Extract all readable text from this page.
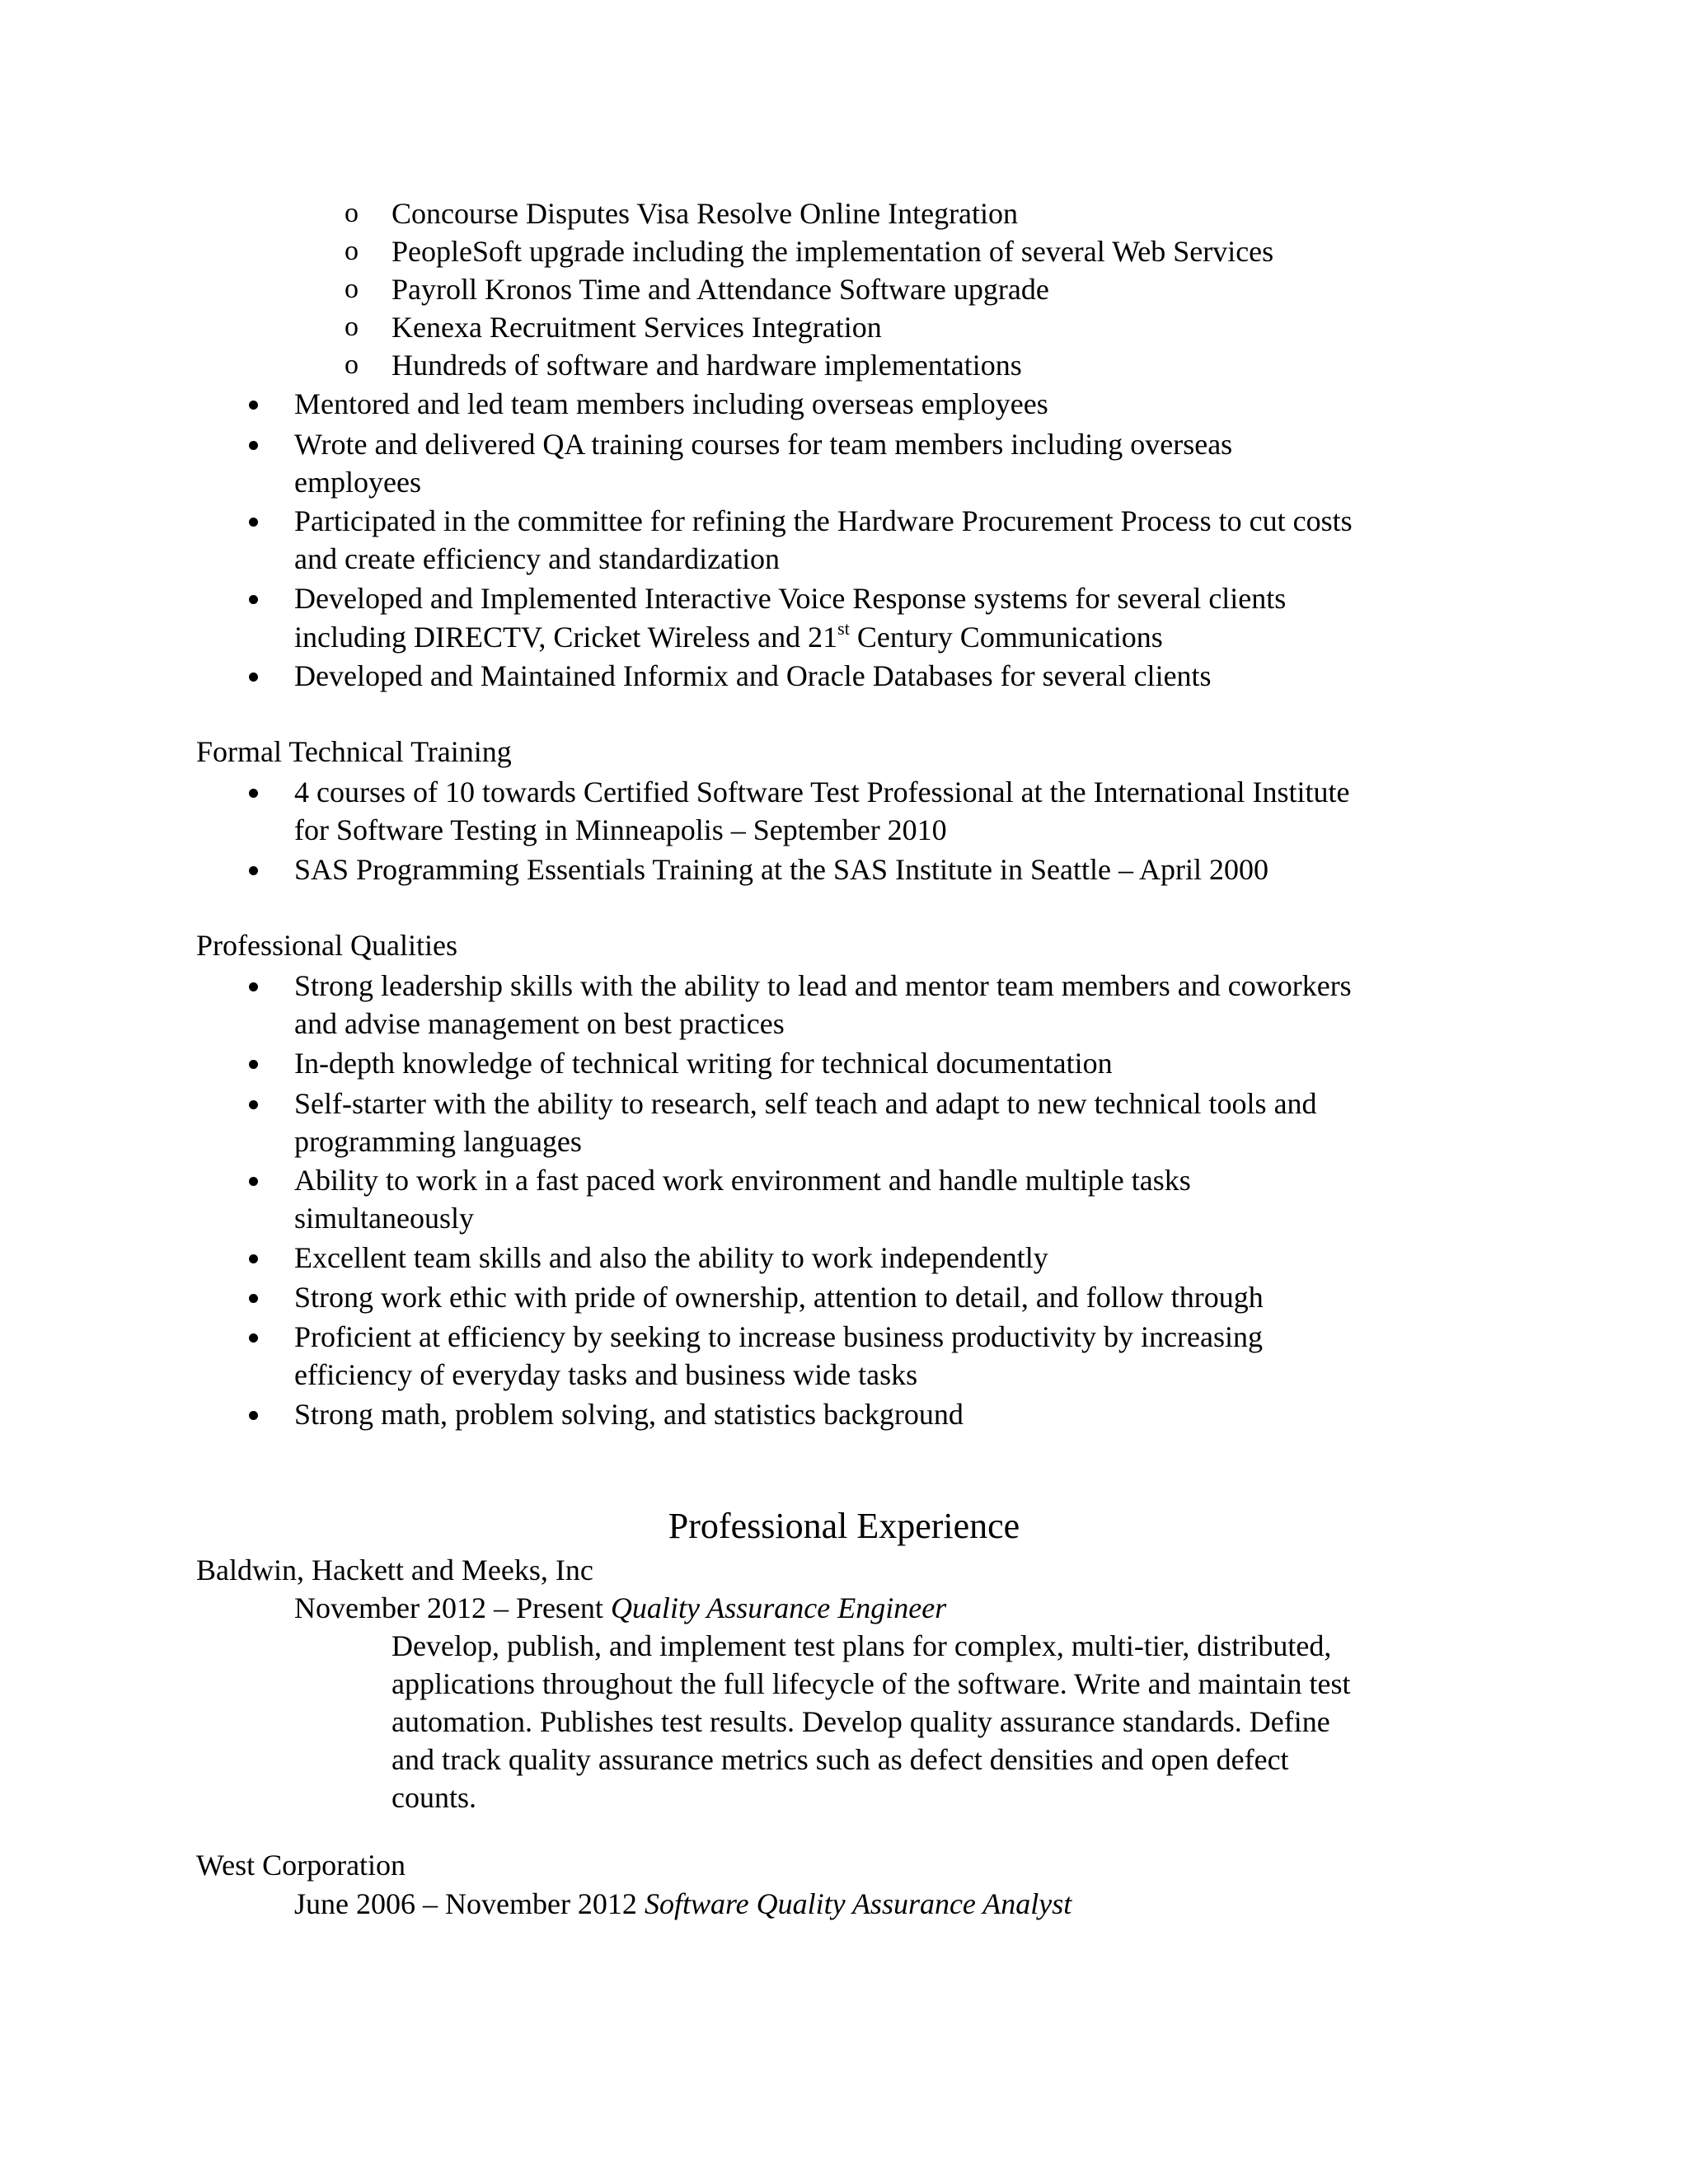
o Concourse Disputes Visa Resolve Online Integration
o PeopleSoft upgrade including the implementation of several Web Services
o Payroll Kronos Time and Attendance Software upgrade
o Kenexa Recruitment Services Integration
o Hundreds of software and hardware implementations
Mentored and led team members including overseas employees
Wrote and delivered QA training courses for team members including overseas
employees
Participated in the committee for refining the Hardware Procurement Process to cut costs
and create efficiency and standardization
Developed and Implemented Interactive Voice Response systems for several clients
including DIRECTV, Cricket Wireless and 21st Century Communications
Developed and Maintained Informix and Oracle Databases for several clients
Formal Technical Training
4 courses of 10 towards Certified Software Test Professional at the International Institute
for Software Testing in Minneapolis – September 2010
SAS Programming Essentials Training at the SAS Institute in Seattle – April 2000
Professional Qualities
Strong leadership skills with the ability to lead and mentor team members and coworkers
and advise management on best practices
In-depth knowledge of technical writing for technical documentation
Self-starter with the ability to research, self teach and adapt to new technical tools and
programming languages
Ability to work in a fast paced work environment and handle multiple tasks
simultaneously
Excellent team skills and also the ability to work independently
Strong work ethic with pride of ownership, attention to detail, and follow through
Proficient at efficiency by seeking to increase business productivity by increasing
efficiency of everyday tasks and business wide tasks
Strong math, problem solving, and statistics background
Professional Experience
Baldwin, Hackett and Meeks, Inc
November 2012 – Present Quality Assurance Engineer
Develop, publish, and implement test plans for complex, multi-tier, distributed,
applications throughout the full lifecycle of the software. Write and maintain test
automation. Publishes test results. Develop quality assurance standards. Define
and track quality assurance metrics such as defect densities and open defect
counts.
West Corporation
June 2006 – November 2012 Software Quality Assurance Analyst
